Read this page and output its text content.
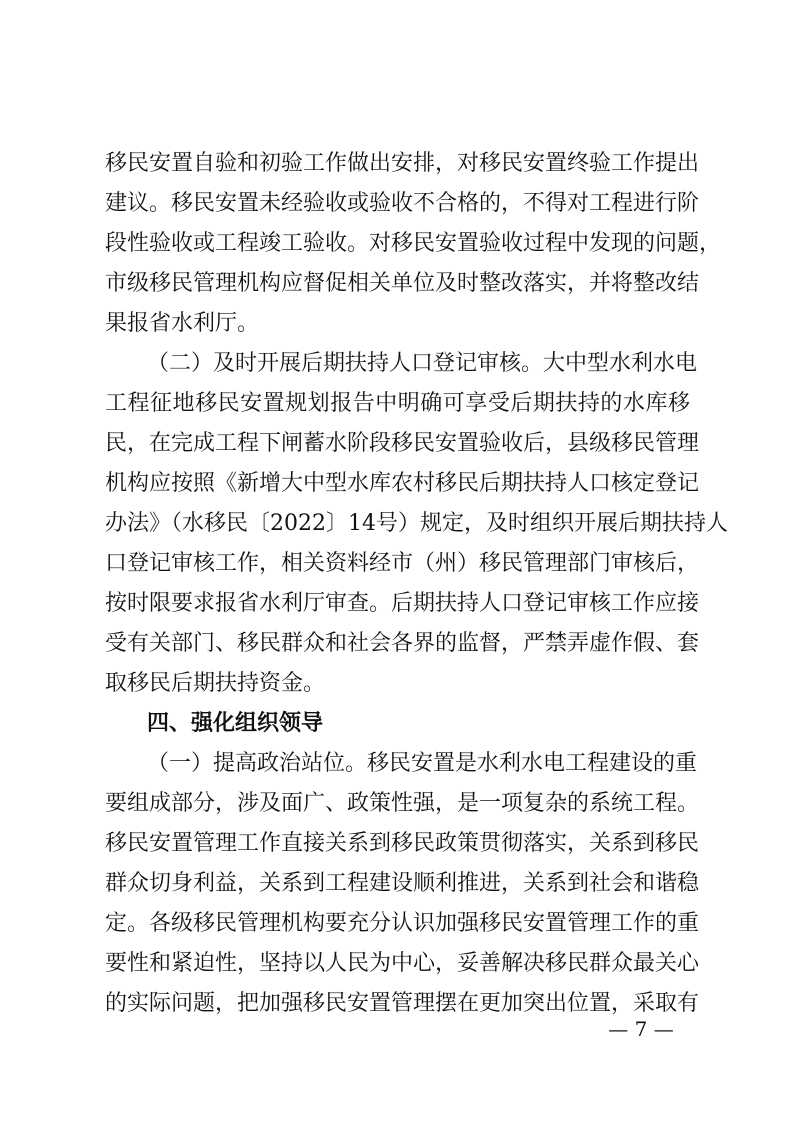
移民安置自验和初验工作做出安排，对移民安置终验工作提出
建议。移民安置未经验收或验收不合格的，不得对工程进行阶
段性验收或工程竣工验收。对移民安置验收过程中发现的问题，
市级移民管理机构应督促相关单位及时整改落实，并将整改结
果报省水利厅。
（二）及时开展后期扶持人口登记审核。大中型水利水电
工程征地移民安置规划报告中明确可享受后期扶持的水库移
民，在完成工程下闸蓄水阶段移民安置验收后，县级移民管理
机构应按照《新增大中型水库农村移民后期扶持人口核定登记
办法》（水移民〔2022〕14号）规定，及时组织开展后期扶持人
口登记审核工作，相关资料经市（州）移民管理部门审核后，
按时限要求报省水利厅审查。后期扶持人口登记审核工作应接
受有关部门、移民群众和社会各界的监督，严禁弄虚作假、套
取移民后期扶持资金。
四、强化组织领导
（一）提高政治站位。移民安置是水利水电工程建设的重
要组成部分，涉及面广、政策性强，是一项复杂的系统工程。
移民安置管理工作直接关系到移民政策贯彻落实，关系到移民
群众切身利益，关系到工程建设顺利推进，关系到社会和谐稳
定。各级移民管理机构要充分认识加强移民安置管理工作的重
要性和紧迫性，坚持以人民为中心，妥善解决移民群众最关心
的实际问题，把加强移民安置管理摆在更加突出位置，采取有
— 7 —
